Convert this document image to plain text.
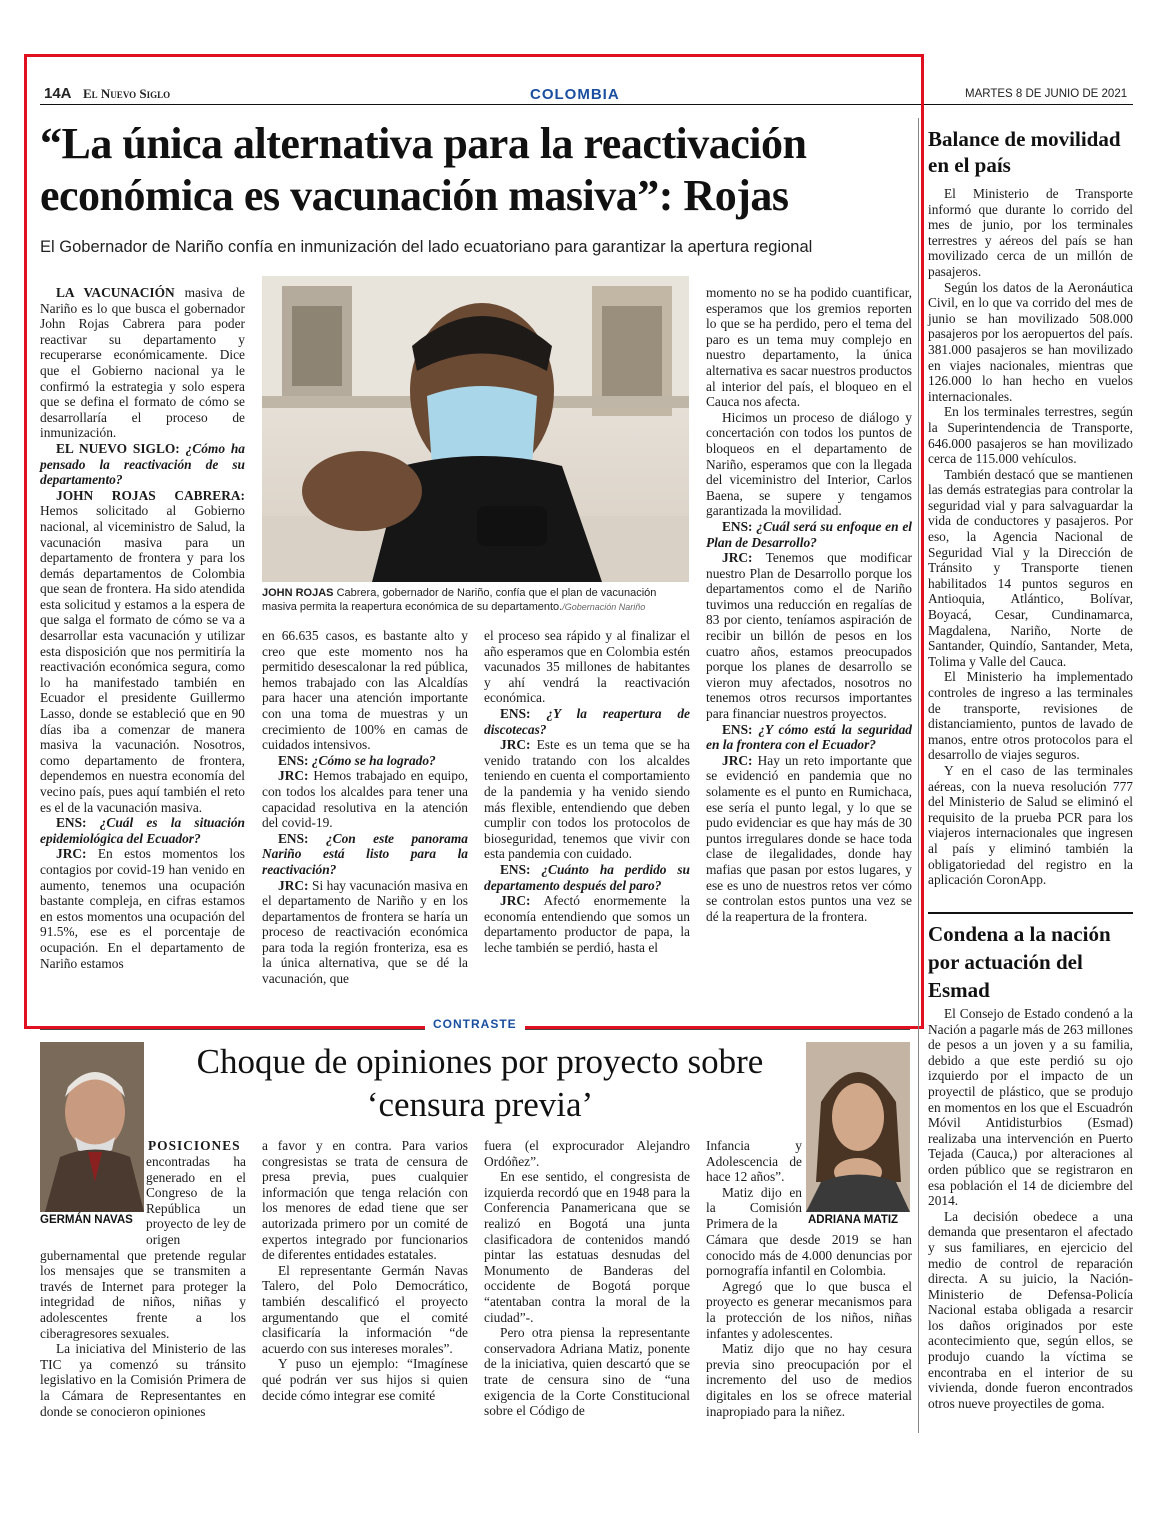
14A El Nuevo Siglo	COLOMBIA	MARTES 8 DE JUNIO DE 2021
“La única alternativa para la reactivación económica es vacunación masiva”: Rojas
El Gobernador de Nariño confía en inmunización del lado ecuatoriano para garantizar la apertura regional
JOHN ROJAS Cabrera, gobernador de Nariño, confía que el plan de vacunación masiva permita la reapertura económica de su departamento./Gobernación Nariño

LA VACUNACIÓN masiva de Nariño es lo que busca el gobernador John Rojas Cabrera para poder reactivar su departamento y recuperarse económicamente. Dice que el Gobierno nacional ya le confirmó la estrategia y solo espera que se defina el formato de cómo se desarrollaría el proceso de inmunización.

EL NUEVO SIGLO: ¿Cómo ha pensado la reactivación de su departamento?

JOHN ROJAS CABRERA: Hemos solicitado al Gobierno nacional, al viceministro de Salud, la vacunación masiva para un departamento de frontera y para los demás departamentos de Colombia que sean de frontera. Ha sido atendida esta solicitud y estamos a la espera de que salga el formato de cómo se va a desarrollar esta vacunación y utilizar esta disposición que nos permitiría la reactivación económica segura, como lo ha manifestado también en Ecuador el presidente Guillermo Lasso, donde se estableció que en 90 días iba a comenzar de manera masiva la vacunación. Nosotros, como departamento de frontera, dependemos en nuestra economía del vecino país, pues aquí también el reto es el de la vacunación masiva.

ENS: ¿Cuál es la situación epidemiológica del Ecuador?

JRC: En estos momentos los contagios por covid-19 han venido en aumento, tenemos una ocupación bastante compleja, en cifras estamos en estos momentos una ocupación del 91.5%, ese es el porcentaje de ocupación. En el departamento de Nariño estamos

en 66.635 casos, es bastante alto y creo que este momento nos ha permitido desescalonar la red pública, hemos trabajado con las Alcaldías para hacer una atención importante con una toma de muestras y un crecimiento de 100% en camas de cuidados intensivos.

ENS: ¿Cómo se ha logrado?

JRC: Hemos trabajado en equipo, con todos los alcaldes para tener una capacidad resolutiva en la atención del covid-19.

ENS: ¿Con este panorama Nariño está listo para la reactivación?

JRC: Si hay vacunación masiva en el departamento de Nariño y en los departamentos de frontera se haría un proceso de reactivación económica para toda la región fronteriza, esa es la única alternativa, que se dé la vacunación, que

el proceso sea rápido y al finalizar el año esperamos que en Colombia estén vacunados 35 millones de habitantes y ahí vendrá la reactivación económica.

ENS: ¿Y la reapertura de discotecas?

JRC: Este es un tema que se ha venido tratando con los alcaldes teniendo en cuenta el comportamiento de la pandemia y ha venido siendo más flexible, entendiendo que deben cumplir con todos los protocolos de bioseguridad, tenemos que vivir con esta pandemia con cuidado.

ENS: ¿Cuánto ha perdido su departamento después del paro?

JRC: Afectó enormemente la economía entendiendo que somos un departamento productor de papa, la leche también se perdió, hasta el

momento no se ha podido cuantificar, esperamos que los gremios reporten lo que se ha perdido, pero el tema del paro es un tema muy complejo en nuestro departamento, la única alternativa es sacar nuestros productos al interior del país, el bloqueo en el Cauca nos afecta.

Hicimos un proceso de diálogo y concertación con todos los puntos de bloqueos en el departamento de Nariño, esperamos que con la llegada del viceministro del Interior, Carlos Baena, se supere y tengamos garantizada la movilidad.

ENS: ¿Cuál será su enfoque en el Plan de Desarrollo?

JRC: Tenemos que modificar nuestro Plan de Desarrollo porque los departamentos como el de Nariño tuvimos una reducción en regalías de 83 por ciento, teníamos aspiración de recibir un billón de pesos en los cuatro años, estamos preocupados porque los planes de desarrollo se vieron muy afectados, nosotros no tenemos otros recursos importantes para financiar nuestros proyectos.

ENS: ¿Y cómo está la seguridad en la frontera con el Ecuador?

JRC: Hay un reto importante que se evidenció en pandemia que no solamente es el punto en Rumichaca, ese sería el punto legal, y lo que se pudo evidenciar es que hay más de 30 puntos irregulares donde se hace toda clase de ilegalidades, donde hay mafias que pasan por estos lugares, y ese es uno de nuestros retos ver cómo se controlan estos puntos una vez se dé la reapertura de la frontera.

Balance de movilidad en el país

El Ministerio de Transporte informó que durante lo corrido del mes de junio, por los terminales terrestres y aéreos del país se han movilizado cerca de un millón de pasajeros.

Según los datos de la Aeronáutica Civil, en lo que va corrido del mes de junio se han movilizado 508.000 pasajeros por los aeropuertos del país. 381.000 pasajeros se han movilizado en viajes nacionales, mientras que 126.000 lo han hecho en vuelos internacionales.

En los terminales terrestres, según la Superintendencia de Transporte, 646.000 pasajeros se han movilizado cerca de 115.000 vehículos.

También destacó que se mantienen las demás estrategias para controlar la seguridad vial y para salvaguardar la vida de conductores y pasajeros. Por eso, la Agencia Nacional de Seguridad Vial y la Dirección de Tránsito y Transporte tienen habilitados 14 puntos seguros en Antioquia, Atlántico, Bolívar, Boyacá, Cesar, Cundinamarca, Magdalena, Nariño, Norte de Santander, Quindío, Santander, Meta, Tolima y Valle del Cauca.

El Ministerio ha implementado controles de ingreso a las terminales de transporte, revisiones de distanciamiento, puntos de lavado de manos, entre otros protocolos para el desarrollo de viajes seguros.

Y en el caso de las terminales aéreas, con la nueva resolución 777 del Ministerio de Salud se eliminó el requisito de la prueba PCR para los viajeros internacionales que ingresen al país y eliminó también la obligatoriedad del registro en la aplicación CoronApp.

Condena a la nación por actuación del Esmad

El Consejo de Estado condenó a la Nación a pagarle más de 263 millones de pesos a un joven y a su familia, debido a que este perdió su ojo izquierdo por el impacto de un proyectil de plástico, que se produjo en momentos en los que el Escuadrón Móvil Antidisturbios (Esmad) realizaba una intervención en Puerto Tejada (Cauca,) por alteraciones al orden público que se registraron en esa población el 14 de diciembre del 2014.

La decisión obedece a una demanda que presentaron el afectado y sus familiares, en ejercicio del medio de control de reparación directa. A su juicio, la Nación-Ministerio de Defensa-Policía Nacional estaba obligada a resarcir los daños originados por este acontecimiento que, según ellos, se produjo cuando la víctima se encontraba en el interior de su vivienda, donde fueron encontrados otros nueve proyectiles de goma.

CONTRASTE
GERMÁN NAVAS
Choque de opiniones por proyecto sobre ‘censura previa’
ADRIANA MATIZ
POSICIONES
encontradas ha generado en el Congreso de la República un proyecto de ley de origen gubernamental que pretende regular los mensajes que se transmiten a través de Internet para proteger la integridad de niños, niñas y adolescentes frente a los ciberagresores sexuales.
La iniciativa del Ministerio de las TIC ya comenzó su tránsito legislativo en la Comisión Primera de la Cámara de Representantes en donde se conocieron opiniones

a favor y en contra. Para varios congresistas se trata de censura de presa previa, pues cualquier información que tenga relación con los menores de edad tiene que ser autorizada primero por un comité de expertos integrado por funcionarios de diferentes entidades estatales.

El representante Germán Navas Talero, del Polo Democrático, también descalificó el proyecto argumentando que el comité clasificaría la información “de acuerdo con sus intereses morales”.

Y puso un ejemplo: “Imagínese qué podrán ver sus hijos si quien decide cómo integrar ese comité

fuera (el exprocurador Alejandro Ordóñez”.

En ese sentido, el congresista de izquierda recordó que en 1948 para la Conferencia Panamericana que se realizó en Bogotá una junta clasificadora de contenidos mandó pintar las estatuas desnudas del Monumento de Banderas del occidente de Bogotá porque “atentaban contra la moral de la ciudad”-.

Pero otra piensa la representante conservadora Adriana Matiz, ponente de la iniciativa, quien descartó que se trate de censura sino de “una exigencia de la Corte Constitucional sobre el Código de

Infancia y Adolescencia de hace 12 años”.
Matiz dijo en la Comisión Primera de la

Cámara que desde 2019 se han conocido más de 4.000 denuncias por pornografía infantil en Colombia.

Agregó que lo que busca el proyecto es generar mecanismos para la protección de los niños, niñas infantes y adolescentes.

Matiz dijo que no hay cesura previa sino preocupación por el incremento del uso de medios digitales en los se ofrece material inapropiado para la niñez.
